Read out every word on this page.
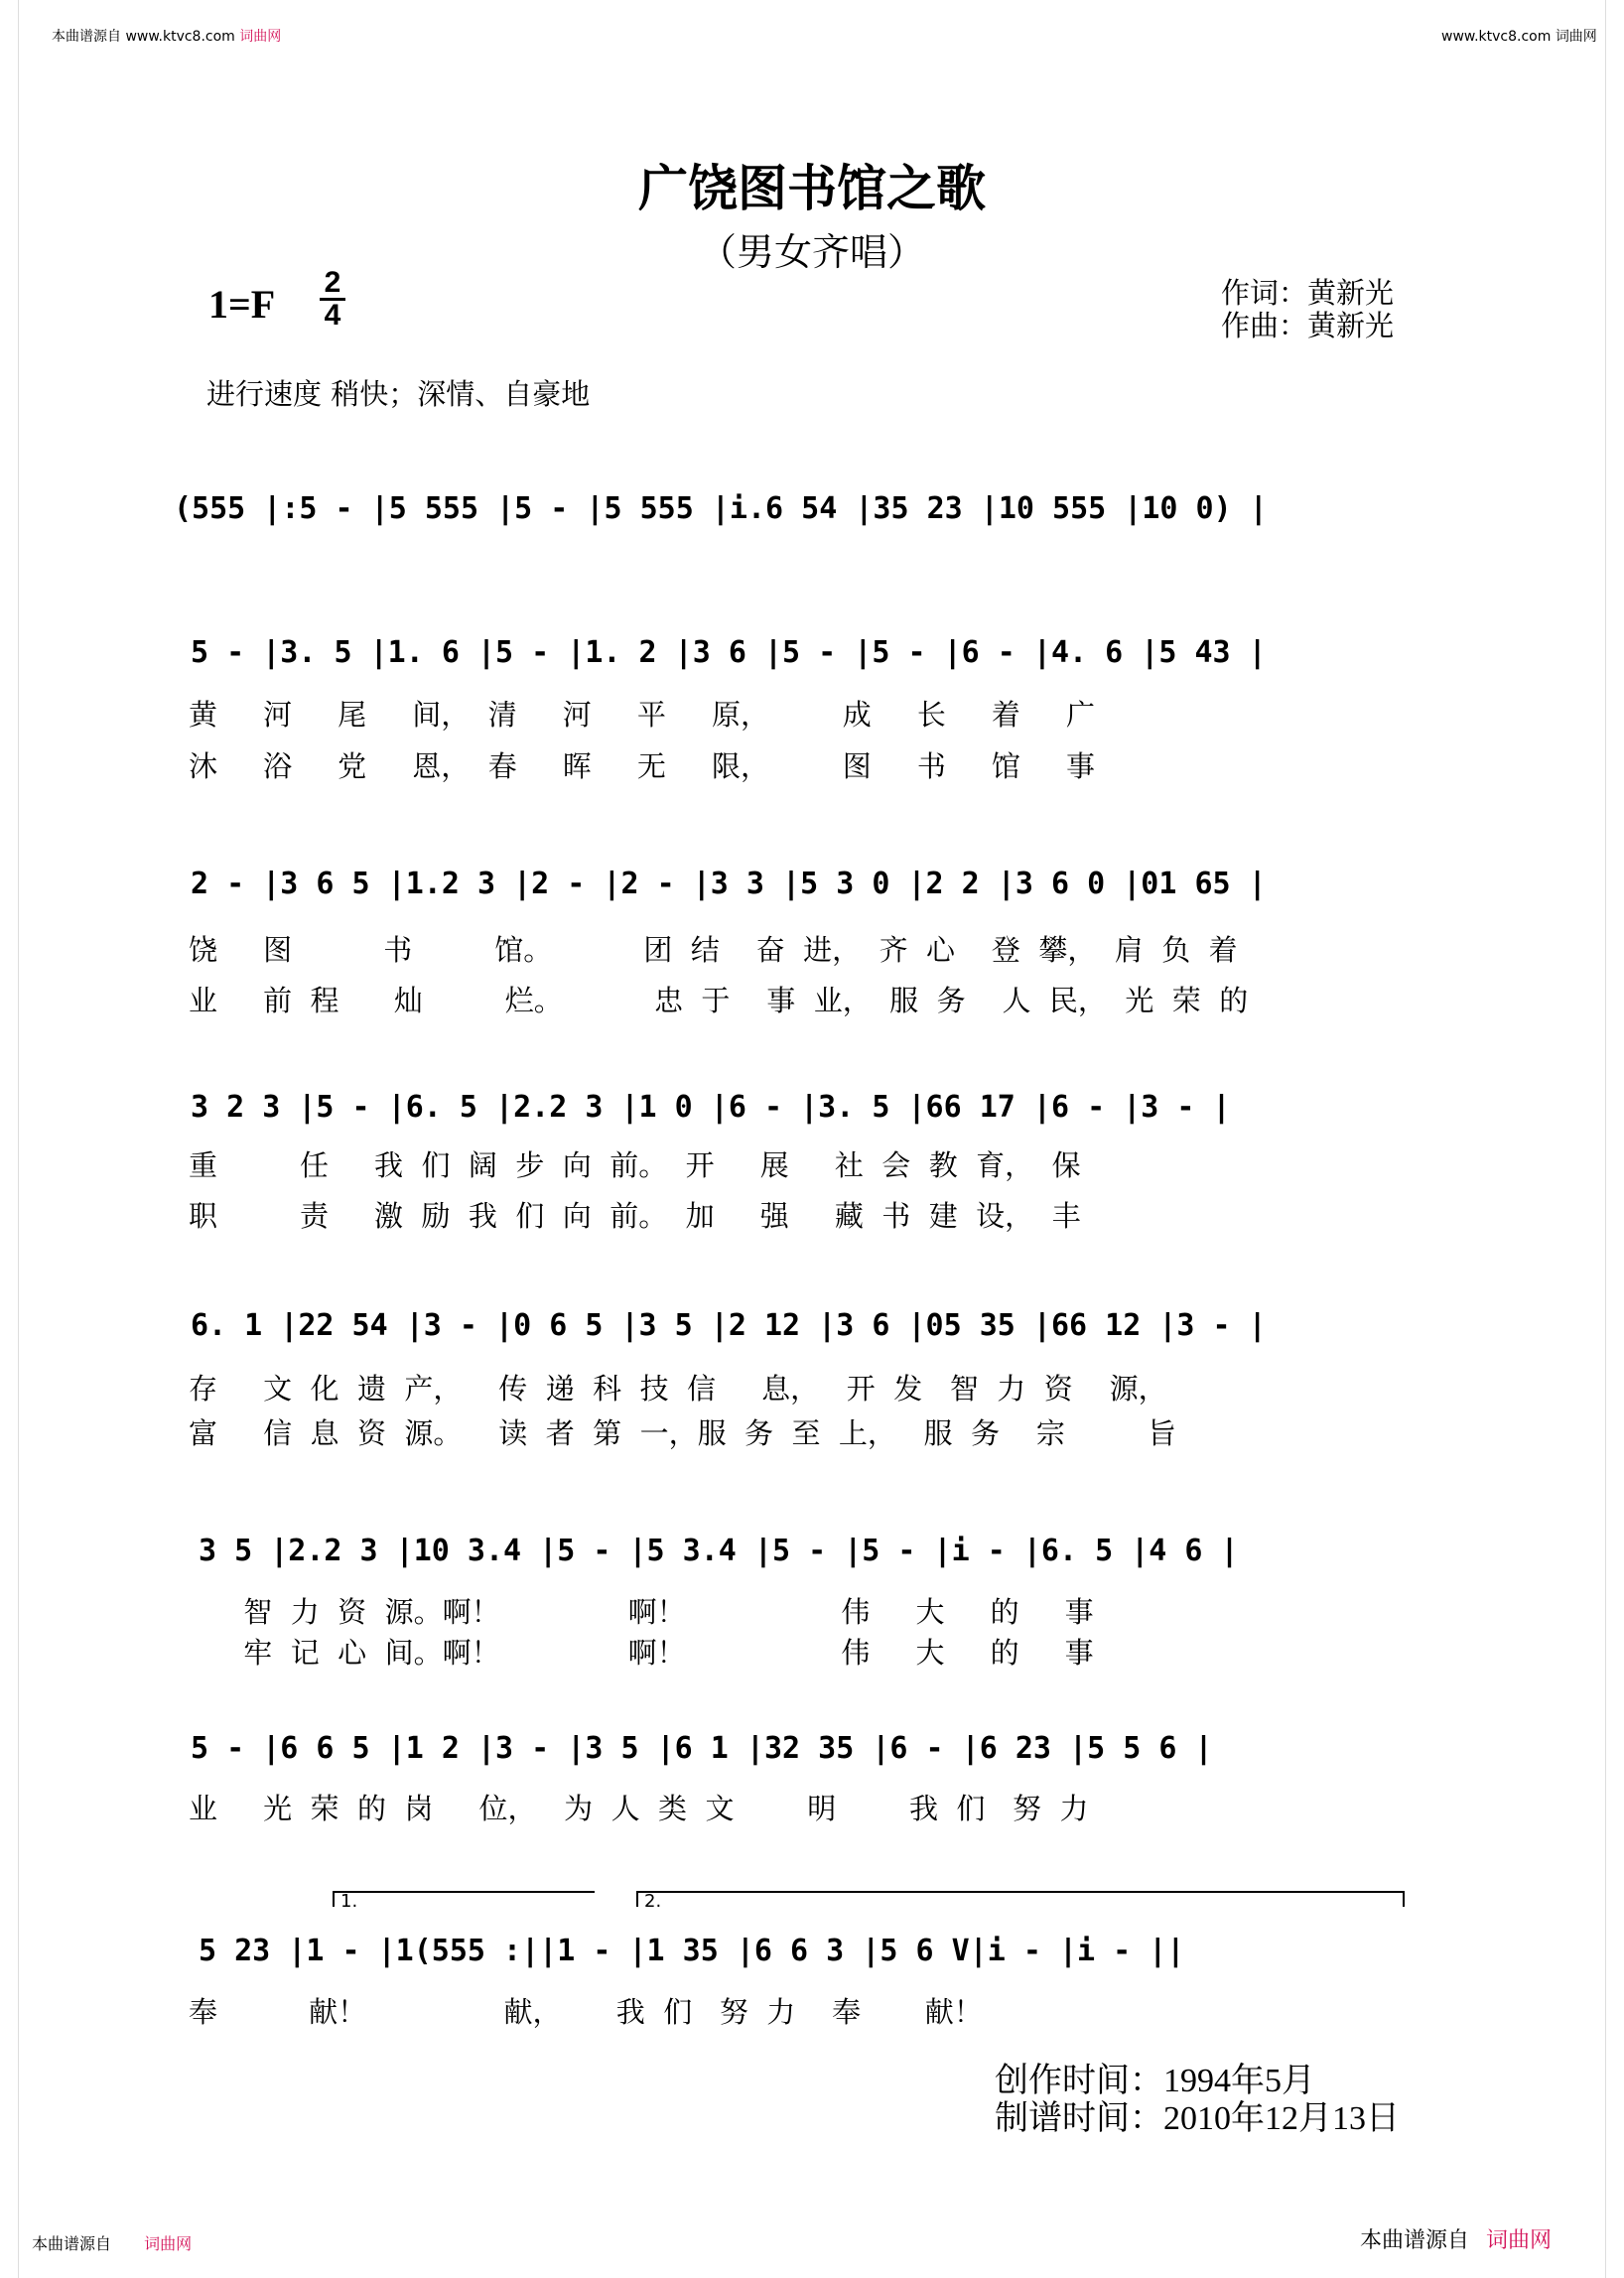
本曲谱源自 www.ktvc8.com 词曲网	www.ktvc8.com 词曲网
广饶图书馆之歌
（男女齐唱）
1=F 2
4
作词：黄新光
作曲：黄新光
进行速度 稍快；深情、自豪地
(555 |:5 - |5 555 |5 - |5 555 |i.6 54 |35 23 |10 555 |10 0) |
5 - |3. 5 |1. 6 |5 - |1. 2 |3 6 |5 - |5 - |6 - |4. 6 |5 43 |
黄     河     尾     间，  清     河     平     原，        成     长     着     广
沐     浴     党     恩，  春     晖     无     限，        图     书     馆     事
2 - |3 6 5 |1.2 3 |2 - |2 - |3 3 |5 3 0 |2 2 |3 6 0 |01 65 |
饶     图          书         馆。          团  结    奋  进，  齐  心    登  攀，  肩  负  着
业     前  程      灿         烂。          忠  于    事  业，  服  务    人  民，  光  荣  的
3 2 3 |5 - |6. 5 |2.2 3 |1 0 |6 - |3. 5 |66 17 |6 - |3 - |
重         任     我  们  阔  步  向  前。  开     展     社  会  教  育，  保
职         责     激  励  我  们  向  前。  加     强     藏  书  建  设，  丰
6. 1 |22 54 |3 - |0 6 5 |3 5 |2 12 |3 6 |05 35 |66 12 |3 - |
存     文  化  遗  产，    传  递  科  技  信     息，   开  发   智  力  资    源，
富     信  息  资  源。    读  者  第  一，服  务  至  上，   服  务    宗         旨
3 5 |2.2 3 |10 3.4 |5 - |5 3.4 |5 - |5 - |i - |6. 5 |4 6 |
智  力  资  源。啊！              啊！                 伟     大     的     事
牢  记  心  间。啊！              啊！                 伟     大     的     事
5 - |6 6 5 |1 2 |3 - |3 5 |6 1 |32 35 |6 - |6 23 |5 5 6 |
业     光  荣  的  岗     位，   为  人  类  文        明        我  们   努  力
1.	2.
5 23 |1 - |1(555 :||1 - |1 35 |6 6 3 |5 6 V|i - |i - ||
奉          献！               献，      我  们   努  力    奉       献！
创作时间：1994年5月
制谱时间：2010年12月13日
本曲谱源自 词曲网	本曲谱源自 词曲网
